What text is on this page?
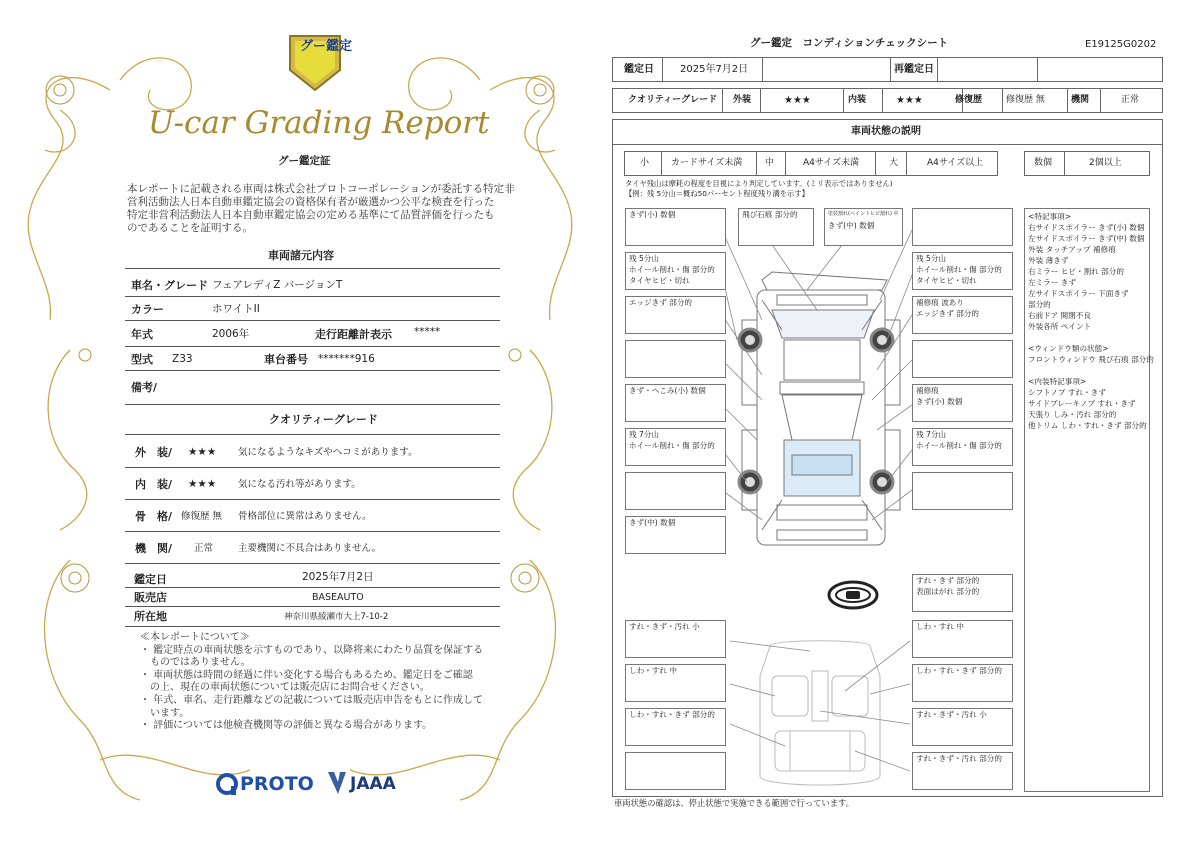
グー鑑定
U-car Grading Report
グー鑑定証
本レポートに記載される車両は株式会社プロトコーポレーションが委託する特定非
営利活動法人日本自動車鑑定協会の資格保有者が厳選かつ公平な検査を行った
特定非営利活動法人日本自動車鑑定協会の定める基準にて品質評価を行ったも
のであることを証明する。
車両諸元内容
車名・グレード フェアレディZ バージョンT
カラー	ホワイトII
年式	2006年	走行距離計表示 *****
型式 Z33	車台番号 *******916
備考/
クオリティーグレード
外　装/ ★★★ 気になるようなキズやヘコミがあります。
内　装/ ★★★ 気になる汚れ等があります。
骨　格/ 修復歴 無 骨格部位に異常はありません。
機　関/ 正常	主要機関に不具合はありません。
鑑定日	2025年7月2日
販売店	BASEAUTO
所在地	神奈川県綾瀬市大上7-10-2
≪本レポートについて≫
・ 鑑定時点の車両状態を示すものであり、以降将来にわたり品質を保証する
　ものではありません。
・ 車両状態は時間の経過に伴い変化する場合もあるため、鑑定日をご確認
　の上、現在の車両状態については販売店にお問合せください。
・ 年式、車名、走行距離などの記載については販売店申告をもとに作成して
　います。
・ 評価については他検査機関等の評価と異なる場合があります。
PROTO JAAA
グー鑑定　コンディションチェックシート	E19125G0202
鑑定日	2025年7月2日	再鑑定日
クオリティーグレード 外装	★★★	内装	★★★	修復歴	修復歴 無	機関	正常
車両状態の説明
小 カードサイズ未満	中	A4サイズ未満	大	A4サイズ以上	数個	2個以上
タイヤ残山は摩耗の程度を目視により判定しています。(ミリ表示ではありません)
【例：残 5分山＝概ね50パーセント程度残り溝を示す】
きず(小) 数個
残 5分山
ホイール削れ・傷 部分的
タイヤヒビ・切れ
エッジきず 部分的
きず・へこみ(小) 数個
残 7分山
ホイール削れ・傷 部分的
きず(中) 数個
飛び石痕 部分的	塗装割れ(ペイントヒビ割れ) 中
きず(中) 数個
残 5分山
ホイール削れ・傷 部分的
タイヤヒビ・切れ
補修痕 波あり
エッジきず 部分的
補修痕
きず(小) 数個
残 7分山
ホイール削れ・傷 部分的
すれ・きず 部分的
表面はがれ 部分的
すれ・きず・汚れ 小
しわ・すれ 中
しわ・すれ・きず 部分的
しわ・すれ 中
しわ・すれ・きず 部分的
すれ・きず・汚れ 小
すれ・きず・汚れ 部分的
<特記事項>
右サイドスポイラー きず(小) 数個
左サイドスポイラー きず(中) 数個
外装 タッチアップ 補修痕
外装 薄きず
右ミラー ヒビ・割れ 部分的
左ミラー きず
左サイドスポイラー 下面きず
部分的
右前ドア 開閉不良
外装各所 ペイント
<ウィンドウ類の状態>
フロントウィンドウ 飛び石痕 部分的
<内装特記事項>
シフトノブ すれ・きず
サイドブレーキノブ すれ・きず
天張り しみ・汚れ 部分的
他トリム しわ・すれ・きず 部分的
車両状態の確認は、停止状態で実施できる範囲で行っています。
